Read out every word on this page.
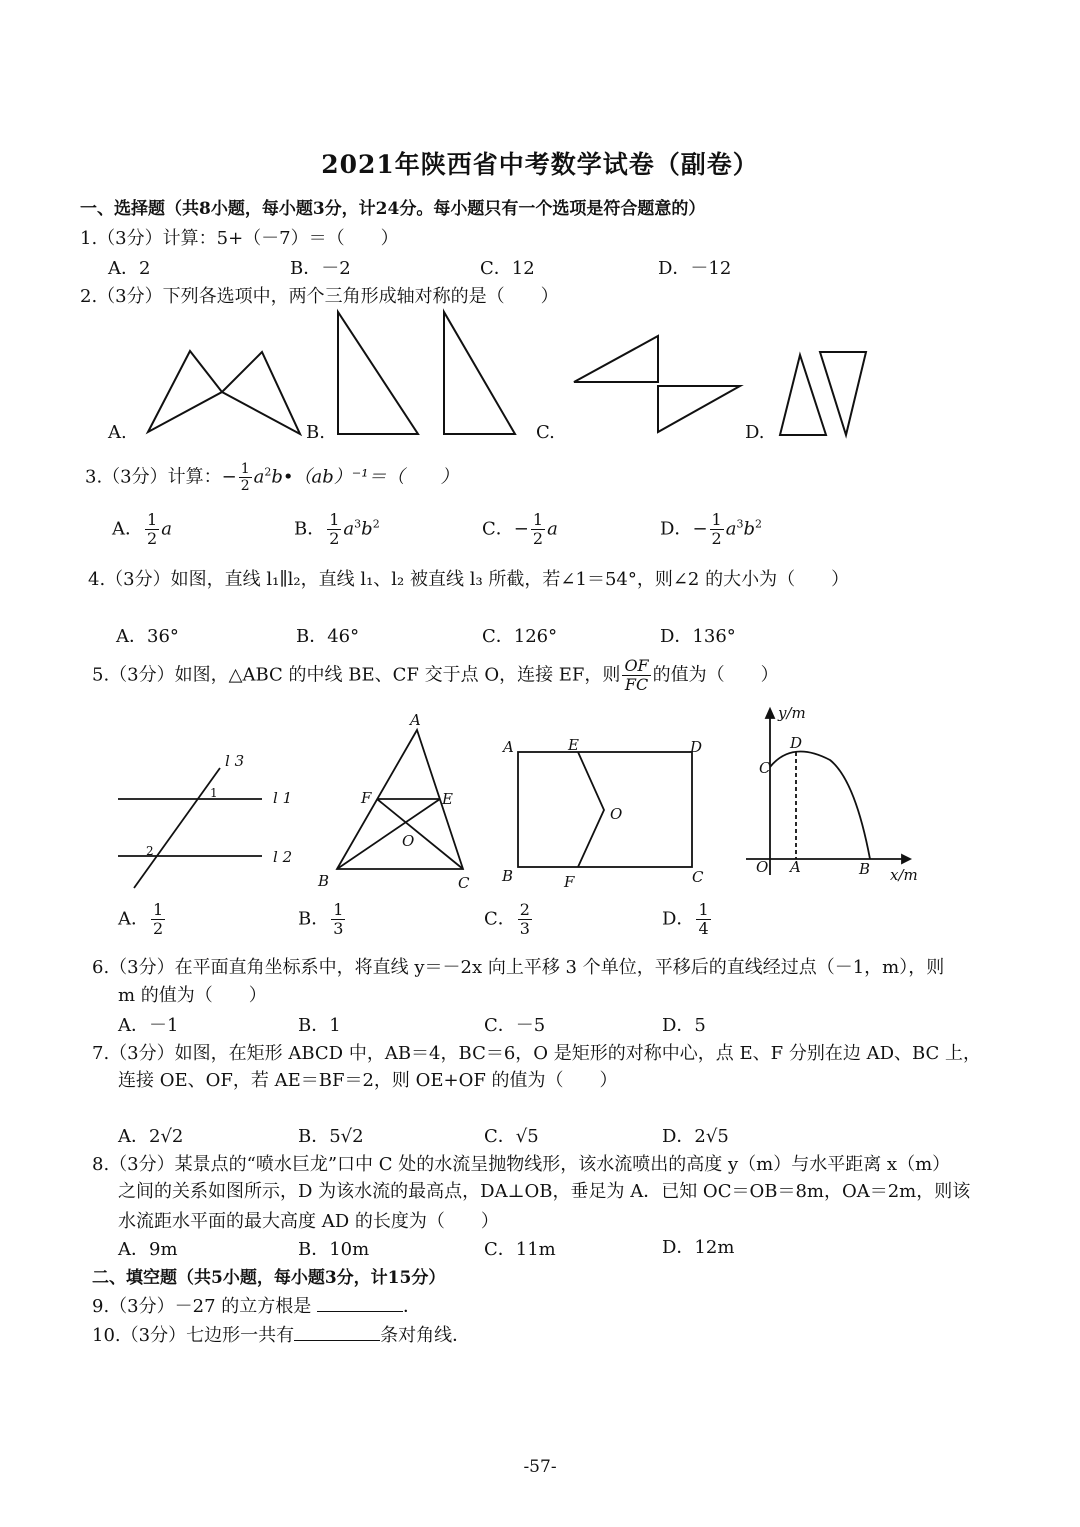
2021年陕西省中考数学试卷（副卷）
一、选择题（共8小题，每小题3分，计24分。每小题只有一个选项是符合题意的）
1.（3分）计算：5+（－7）＝（　　）
A．2	B．－2	C．12	D．－12
2.（3分）下列各选项中，两个三角形成轴对称的是（　　）
A.	B.	C.	D.
3.（3分）计算：− $\frac{1}{2}$ $a^2b•(ab)^{-1}=$（　　）
A． $\frac{1}{2}$ a	B． $\frac{1}{2} a^3b^2$	C．− $\frac{1}{2}$ a	D．− $\frac{1}{2} a^3b^2$
4.（3分）如图，直线 l₁∥l₂，直线 l₁、l₂ 被直线 l₃ 所截，若∠1＝54°，则∠2 的大小为（　　）
A．36°	B．46°	C．126°	D．136°
5.（3分）如图，△ABC 的中线 BE、CF 交于点 O，连接 EF，则 $\frac{OF}{FC}$ 的值为（　　）
l 3
l 1
l 2
1
2
A
B	C
E
F
O
A	E	D
B	F	C
O
y/m
x/m
D
C
O A	B
A． $\frac{1}{2}$	B． $\frac{1}{3}$	C． $\frac{2}{3}$	D． $\frac{1}{4}$
6.（3分）在平面直角坐标系中，将直线 y＝－2x 向上平移 3 个单位，平移后的直线经过点（－1，m），则
m 的值为（　　）
A．－1	B．1	C．－5	D．5
7.（3分）如图，在矩形 ABCD 中，AB＝4，BC＝6，O 是矩形的对称中心，点 E、F 分别在边 AD、BC 上，
连接 OE、OF，若 AE＝BF＝2，则 OE+OF 的值为（　　）
A．2√2	B．5√2	C．√5	D．2√5
8.（3分）某景点的“喷水巨龙”口中 C 处的水流呈抛物线形，该水流喷出的高度 y（m）与水平距离 x（m）
之间的关系如图所示，D 为该水流的最高点，DA⊥OB，垂足为 A．已知 OC＝OB＝8m，OA＝2m，则该
水流距水平面的最大高度 AD 的长度为（　　）
A．9m	B．10m	C．11m	D．12m
二、填空题（共5小题，每小题3分，计15分）
9.（3分）－27 的立方根是	．
10.（3分）七边形一共有	条对角线．
-57-
